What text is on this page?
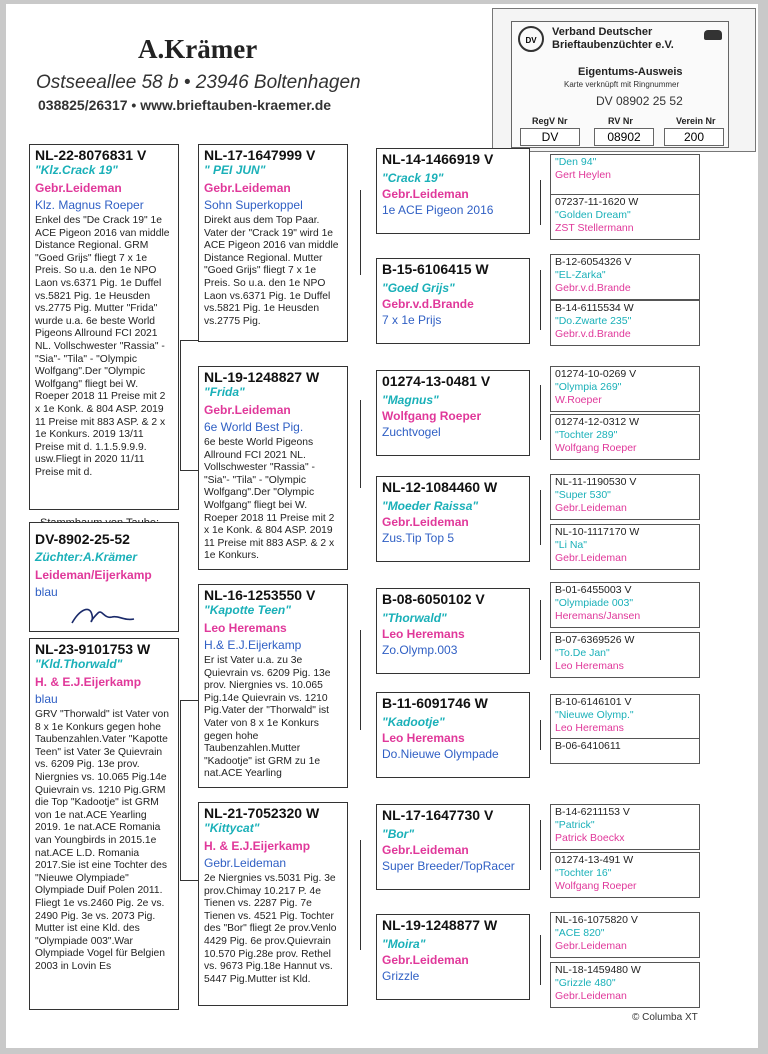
A.Krämer
Ostseeallee 58 b • 23946 Boltenhagen
038825/26317 • www.brieftauben-kraemer.de
DV
Verband Deutscher
Brieftaubenzüchter e.V.
Eigentums-Ausweis
Karte verknüpft mit Ringnummer
DV 08902 25 52
RegV Nr	RV Nr	Verein Nr
DV	08902	200
NL-22-8076831 V
"Klz.Crack 19"
Gebr.Leideman
Klz. Magnus Roeper
Enkel des "De Crack 19" 1e ACE Pigeon 2016 van middle Distance Regional. GRM "Goed Grijs" fliegt 7 x 1e Preis. So u.a. den 1e NPO Laon vs.6371 Pig. 1e Duffel vs.5821 Pig. 1e Heusden vs.2775 Pig. Mutter "Frida" wurde u.a. 6e beste World Pigeons Allround FCI 2021 NL. Vollschwester "Rassia" - "Sia"- "Tila" - "Olympic Wolfgang".Der "Olympic Wolfgang" fliegt bei W. Roeper 2018 11 Preise mit 2 x 1e Konk. & 804 ASP. 2019 11 Preise mit 883 ASP. & 2 x 1e Konkurs. 2019 13/11 Preise mit d. 1.1.5.9.9.9. usw.Fliegt in 2020 11/11 Preise mit d.
DV-8902-25-52
Züchter:A.Krämer
Leideman/Eijerkamp
blau
NL-23-9101753 W
"Kld.Thorwald"
H. & E.J.Eijerkamp
blau
GRV "Thorwald" ist Vater von 8 x 1e Konkurs gegen hohe Taubenzahlen.Vater "Kapotte Teen" ist Vater 3e Quievrain vs. 6209 Pig. 13e prov. Niergnies vs. 10.065 Pig.14e Quievrain vs. 1210 Pig.GRM die Top "Kadootje" ist GRM von 1e nat.ACE Yearling 2019. 1e nat.ACE Romania van Youngbirds in 2015.1e nat.ACE L.D. Romania 2017.Sie ist eine Tochter des "Nieuwe Olympiade" Olympiade Duif Polen 2011. Fliegt 1e vs.2460 Pig. 2e vs. 2490 Pig. 3e vs. 2073 Pig. Mutter ist eine Kld. des "Olympiade 003".War Olympiade Vogel für Belgien 2003 in Lovin Es
NL-17-1647999 V
" PEI JUN"
Gebr.Leideman
Sohn Superkoppel
Direkt aus dem Top Paar. Vater der "Crack 19" wird 1e ACE Pigeon 2016 van middle Distance Regional. Mutter "Goed Grijs" fliegt 7 x 1e Preis. So u.a. den 1e NPO Laon vs.6371 Pig. 1e Duffel vs.5821 Pig. 1e Heusden vs.2775 Pig.
NL-19-1248827 W
"Frida"
Gebr.Leideman
6e World Best Pig.
6e beste World Pigeons Allround FCI 2021 NL. Vollschwester "Rassia" - "Sia"- "Tila" - "Olympic Wolfgang".Der "Olympic Wolfgang" fliegt bei W. Roeper 2018 11 Preise mit 2 x 1e Konk. & 804 ASP. 2019 11 Preise mit 883 ASP. & 2 x 1e Konkurs.
NL-16-1253550 V
"Kapotte Teen"
Leo Heremans
H.& E.J.Eijerkamp
Er ist Vater u.a. zu 3e Quievrain vs. 6209 Pig. 13e prov. Niergnies vs. 10.065 Pig.14e Quievrain vs. 1210 Pig.Vater der "Thorwald" ist Vater von 8 x 1e Konkurs gegen hohe Taubenzahlen.Mutter "Kadootje" ist GRM zu 1e nat.ACE Yearling
NL-21-7052320 W
"Kittycat"
H. & E.J.Eijerkamp
Gebr.Leideman
2e Niergnies vs.5031 Pig. 3e prov.Chimay 10.217 P. 4e Tienen vs. 2287 Pig. 7e Tienen vs. 4521 Pig. Tochter des "Bor" fliegt 2e prov.Venlo 4429 Pig. 6e prov.Quievrain 10.570 Pig.28e prov. Rethel vs. 9673 Pig.18e Hannut vs. 5447 Pig.Mutter ist Kld.
NL-14-1466919 V
"Crack 19"
Gebr.Leideman
1e ACE Pigeon 2016
B-15-6106415 W
"Goed Grijs"
Gebr.v.d.Brande
7 x 1e Prijs
01274-13-0481 V
"Magnus"
Wolfgang Roeper
Zuchtvogel
NL-12-1084460 W
"Moeder Raissa"
Gebr.Leideman
Zus.Tip Top 5
B-08-6050102 V
"Thorwald"
Leo Heremans
Zo.Olymp.003
B-11-6091746 W
"Kadootje"
Leo Heremans
Do.Nieuwe Olympade
NL-17-1647730 V
"Bor"
Gebr.Leideman
Super Breeder/TopRacer
NL-19-1248877 W
"Moira"
Gebr.Leideman
Grizzle
"Den 94"
Gert Heylen
07237-11-1620 W
"Golden Dream"
ZST Stellermann
B-12-6054326 V
"EL-Zarka"
Gebr.v.d.Brande
B-14-6115534 W
"Do.Zwarte 235"
Gebr.v.d.Brande
01274-10-0269 V
"Olympia 269"
W.Roeper
01274-12-0312 W
"Tochter 289"
Wolfgang Roeper
NL-11-1190530 V
"Super 530"
Gebr.Leideman
NL-10-1117170 W
"Li Na"
Gebr.Leideman
B-01-6455003 V
"Olympiade 003"
Heremans/Jansen
B-07-6369526 W
"To.De Jan"
Leo Heremans
B-10-6146101 V
"Nieuwe Olymp."
Leo Heremans
B-06-6410611
B-14-6211153 V
"Patrick"
Patrick Boeckx
01274-13-491 W
"Tochter 16"
Wolfgang Roeper
NL-16-1075820 V
"ACE 820"
Gebr.Leideman
NL-18-1459480 W
"Grizzle 480"
Gebr.Leideman
© Columba XT
